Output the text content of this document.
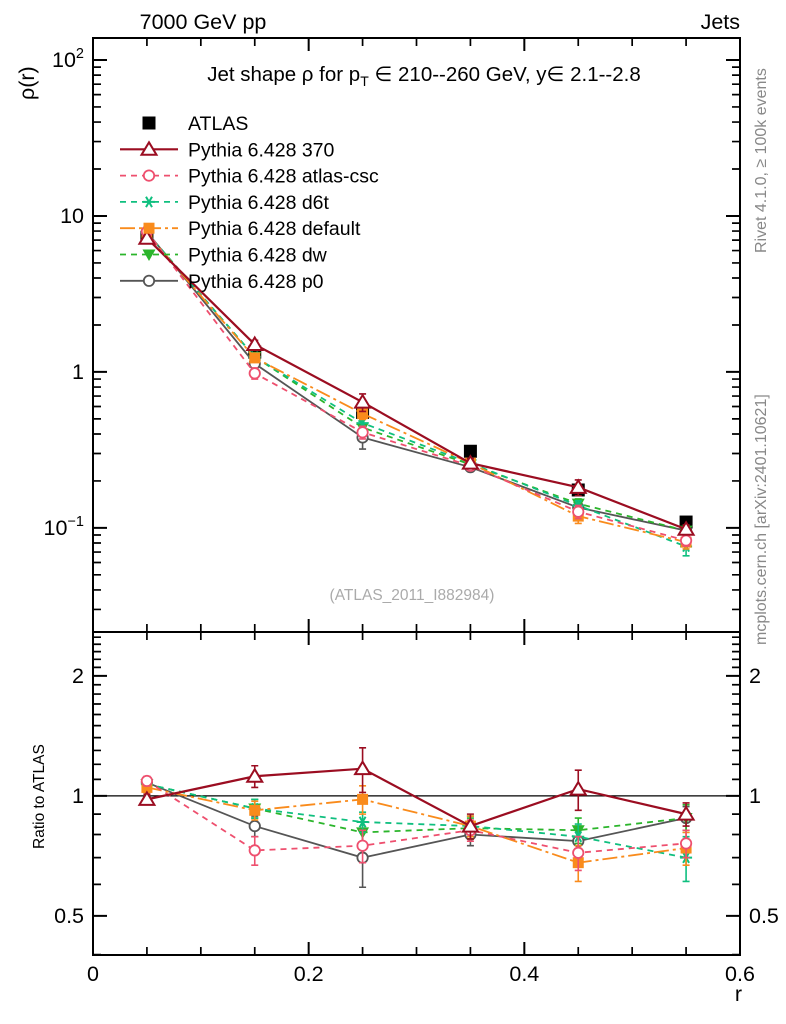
(ATLAS_2011_I882984)
$10^2$
10
1
$10^{-1}$
2	2
1	1
0.5	0.5
0	0.2	0.4	0.6
ATLAS
Pythia 6.428 370
Pythia 6.428 atlas-csc
Pythia 6.428 d6t
Pythia 6.428 default
Pythia 6.428 dw
Pythia 6.428 p0
7000 GeV pp	Jets
Jet shape ρ for $p_T$ ∈ 210--260 GeV, y∈ 2.1--2.8
ρ(r)
Ratio to ATLAS
r
Rivet 4.1.0, ≥ 100k events
mcplots.cern.ch [arXiv:2401.10621]
